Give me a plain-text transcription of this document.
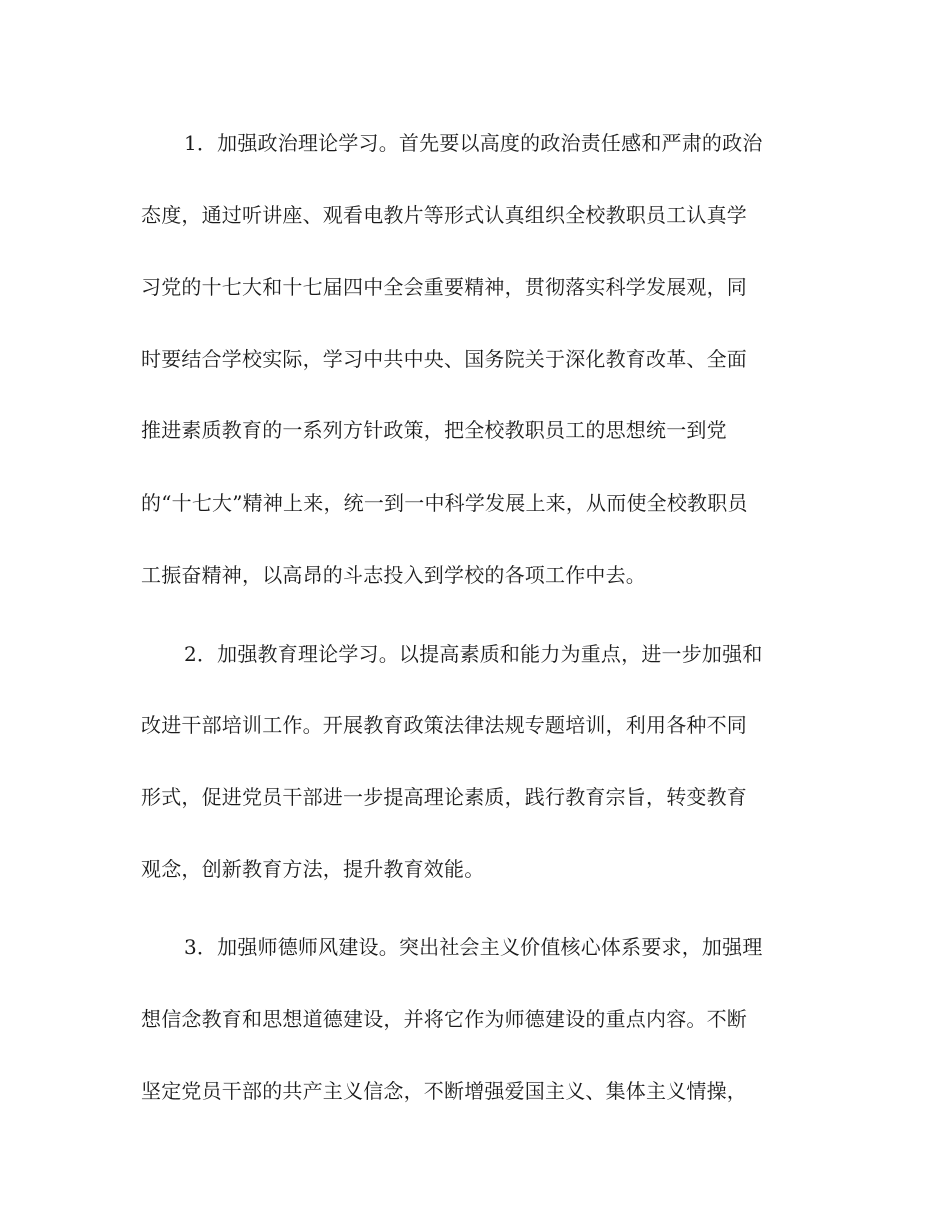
1．加强政治理论学习。首先要以高度的政治责任感和严肃的政治
态度，通过听讲座、观看电教片等形式认真组织全校教职员工认真学
习党的十七大和十七届四中全会重要精神，贯彻落实科学发展观，同
时要结合学校实际，学习中共中央、国务院关于深化教育改革、全面
推进素质教育的一系列方针政策，把全校教职员工的思想统一到党
的“十七大”精神上来，统一到一中科学发展上来，从而使全校教职员
工振奋精神，以高昂的斗志投入到学校的各项工作中去。
2．加强教育理论学习。以提高素质和能力为重点，进一步加强和
改进干部培训工作。开展教育政策法律法规专题培训，利用各种不同
形式，促进党员干部进一步提高理论素质，践行教育宗旨，转变教育
观念，创新教育方法，提升教育效能。
3．加强师德师风建设。突出社会主义价值核心体系要求，加强理
想信念教育和思想道德建设，并将它作为师德建设的重点内容。不断
坚定党员干部的共产主义信念，不断增强爱国主义、集体主义情操，
